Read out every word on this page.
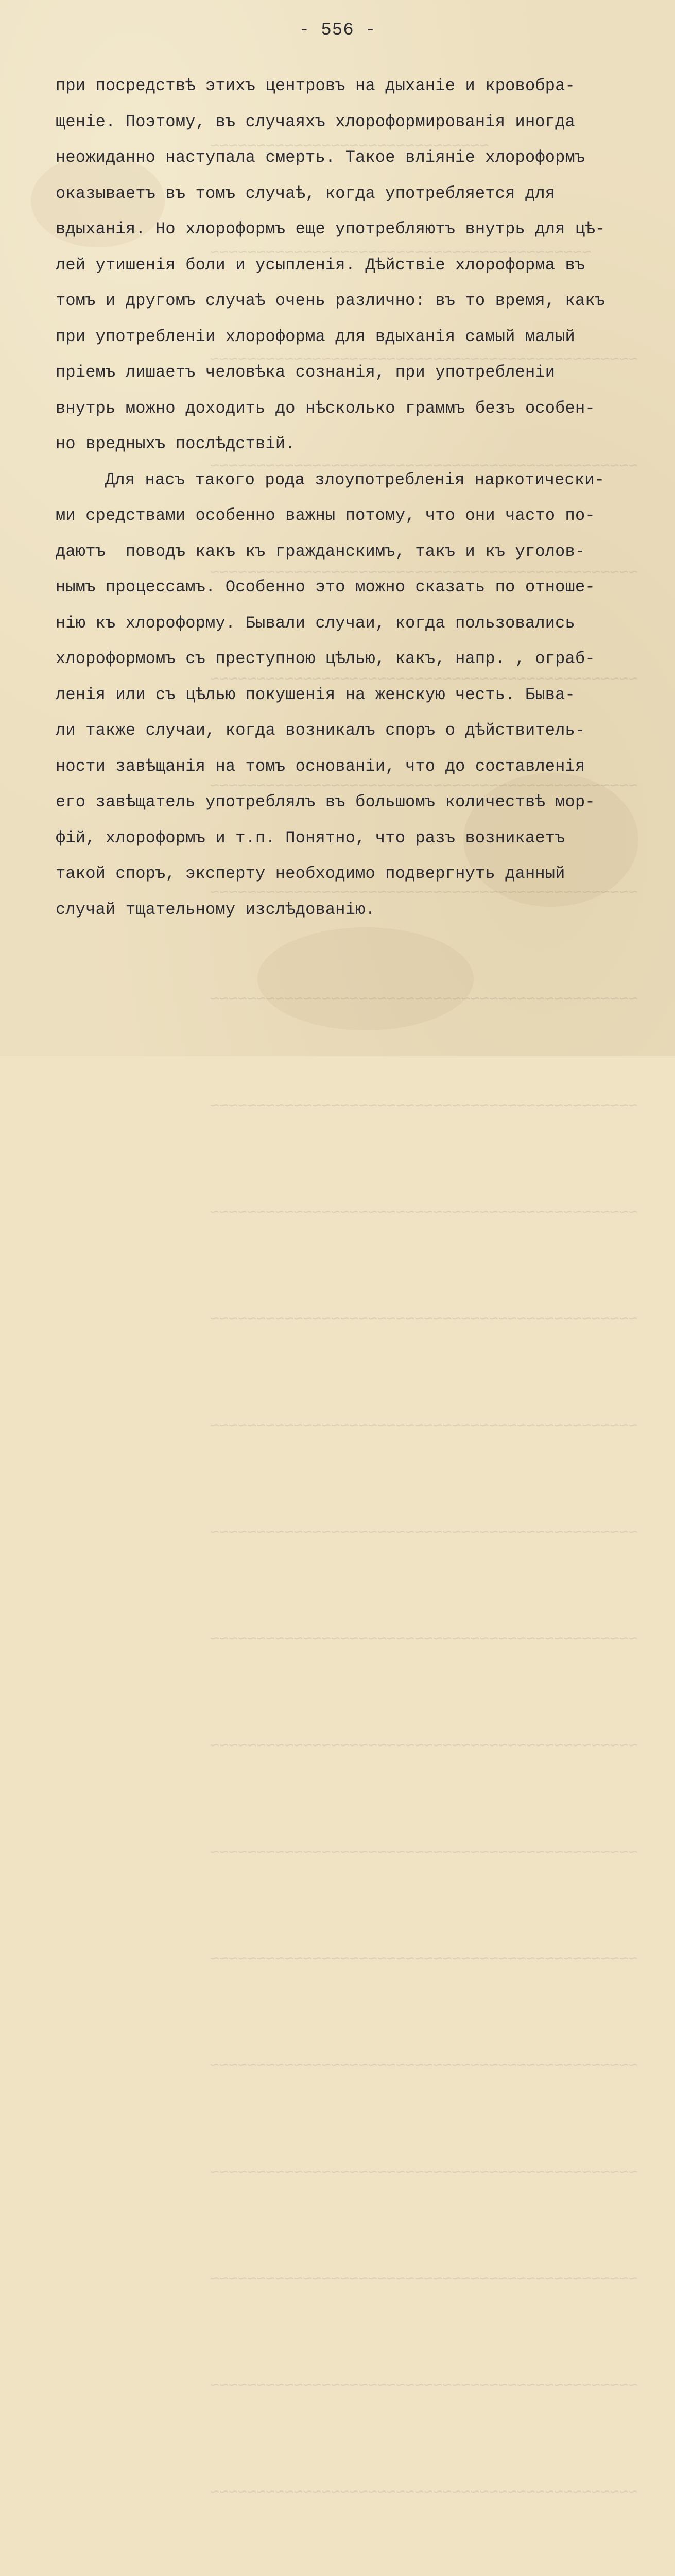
~~~~~~~~~~~~~~~~~~~~~~~~~~~~~~

~~~~~~~~~~~~~~~~~~~~~~~~~~~~~~~~~~~~~~~~~

~~~~~~~~~~~~~~~~~~~~~~~~~~~~~~~~~~~~~~~~~~~~~~

~~~~~~~~~~~~~~~~~~~~~~~~~~~~~~~~~~~~~~~~~~~~~~

~~~~~~~~~~~~~~~~~~~~~~~~~~~~~~~~~~~~~~~~~~~~~~

~~~~~~~~~~~~~~~~~~~~~~~~~~~~~~~~~~~~~~~~~~~~~~

~~~~~~~~~~~~~~~~~~~~~~~~~~~~~~~~~~~~~~~~~~~~~~

~~~~~~~~~~~~~~~~~~~~~~~~~~~~~~~~~~~~~~~~~~~~~~

~~~~~~~~~~~~~~~~~~~~~~~~~~~~~~~~~~~~~~~~~~~~~~

~~~~~~~~~~~~~~~~~~~~~~~~~~~~~~~~~~~~~~~~~~~~~~

~~~~~~~~~~~~~~~~~~~~~~~~~~~~~~~~~~~~~~~~~~~~~~

~~~~~~~~~~~~~~~~~~~~~~~~~~~~~~~~~~~~~~~~~~~~~~

~~~~~~~~~~~~~~~~~~~~~~~~~~~~~~~~~~~~~~~~~~~~~~

~~~~~~~~~~~~~~~~~~~~~~~~~~~~~~~~~~~~~~~~~~~~~~

~~~~~~~~~~~~~~~~~~~~~~~~~~~~~~~~~~~~~~~~~~~~~~

~~~~~~~~~~~~~~~~~~~~~~~~~~~~~~~~~~~~~~~~~~~~~~

~~~~~~~~~~~~~~~~~~~~~~~~~~~~~~~~~~~~~~~~~~~~~~

~~~~~~~~~~~~~~~~~~~~~~~~~~~~~~~~~~~~~~~~~~~~~~

~~~~~~~~~~~~~~~~~~~~~~~~~~~~~~~~~~~~~~~~~~~~~~

~~~~~~~~~~~~~~~~~~~~~~~~~~~~~~~~~~~~~~~~~~~~~~

~~~~~~~~~~~~~~~~~~~~~~~~~~~~~~~~~~~~~~~~~~~~~~

~~~~~~~~~~~~~~~~~~~~~~~~~~~~~~~~~~~~~~~~~~~~~~

~~~~~~~~~~~~~~~~~~~~~~~~~~~~~~~~~~~~~~~~~~~~~~

- 556 -
при посредствѣ этихъ центровъ на дыханіе и кровобра-
щеніе. Поэтому, въ случаяхъ хлороформированія иногда
неожиданно наступала смерть. Такое вліяніе хлороформъ
оказываетъ въ томъ случаѣ, когда употребляется для
вдыханія. Но хлороформъ еще употребляютъ внутрь для цѣ-
лей утишенія боли и усыпленія. Дѣйствіе хлороформа въ
томъ и другомъ случаѣ очень различно: въ то время, какъ
при употребленіи хлороформа для вдыханія самый малый
пріемъ лишаетъ человѣка сознанія, при употребленіи
внутрь можно доходить до нѣсколько граммъ безъ особен-
но вредныхъ послѣдствій.
Для насъ такого рода злоупотребленія наркотически-
ми средствами особенно важны потому, что они часто по-
даютъ  поводъ какъ къ гражданскимъ, такъ и къ уголов-
нымъ процессамъ. Особенно это можно сказать по отноше-
нію къ хлороформу. Бывали случаи, когда пользовались
хлороформомъ съ преступною цѣлью, какъ, напр. , ограб-
ленія или съ цѣлью покушенія на женскую честь. Быва-
ли также случаи, когда возникалъ споръ о дѣйствитель-
ности завѣщанія на томъ основаніи, что до составленія
его завѣщатель употреблялъ въ большомъ количествѣ мор-
фій, хлороформъ и т.п. Понятно, что разъ возникаетъ
такой споръ, эксперту необходимо подвергнуть данный
случай тщательному изслѣдованію.
